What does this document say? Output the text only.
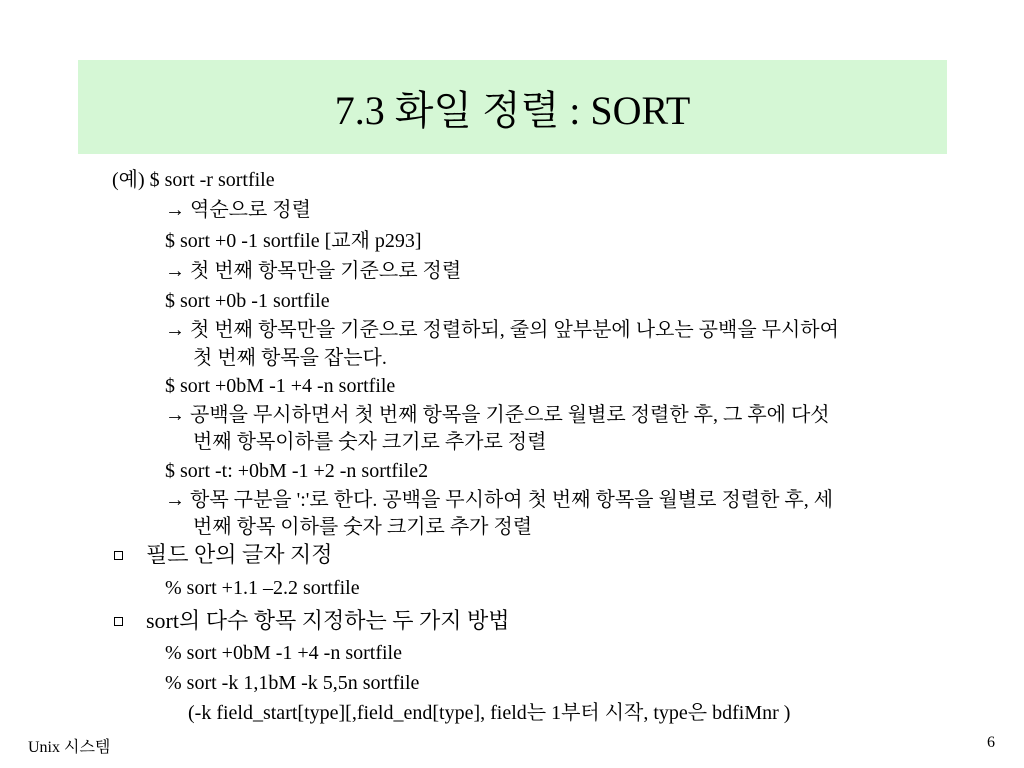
7.3 화일 정렬 : SORT
(예) $ sort -r sortfile
→ 역순으로 정렬
$ sort +0 -1 sortfile [교재 p293]
→ 첫 번째 항목만을 기준으로 정렬
$ sort +0b -1 sortfile
→ 첫 번째 항목만을 기준으로 정렬하되, 줄의 앞부분에 나오는 공백을 무시하여
첫 번째 항목을 잡는다.
$ sort +0bM -1 +4 -n sortfile
→ 공백을 무시하면서 첫 번째 항목을 기준으로 월별로 정렬한 후, 그 후에 다섯
번째 항목이하를 숫자 크기로 추가로 정렬
$ sort -t: +0bM -1 +2 -n sortfile2
→ 항목 구분을 ':'로 한다. 공백을 무시하여 첫 번째 항목을 월별로 정렬한 후, 세
번째 항목 이하를 숫자 크기로 추가 정렬
필드 안의 글자 지정
% sort +1.1 –2.2 sortfile
sort의 다수 항목 지정하는 두 가지 방법
% sort +0bM -1 +4 -n sortfile
% sort -k 1,1bM -k 5,5n sortfile
(-k field_start[type][,field_end[type], field는 1부터 시작, type은 bdfiMnr )
Unix 시스템	6
